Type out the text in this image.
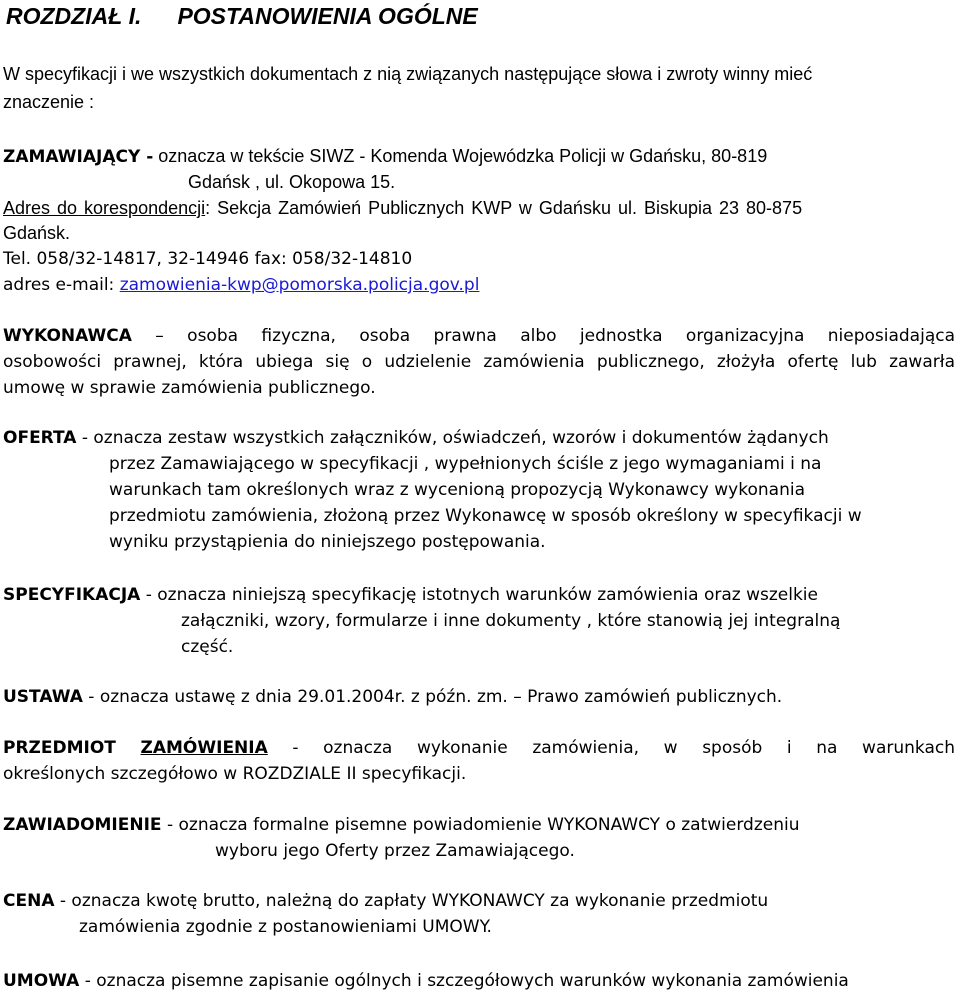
ROZDZIAŁ I. POSTANOWIENIA OGÓLNE
W specyfikacji i we wszystkich dokumentach z nią związanych następujące słowa i zwroty winny mieć
znaczenie :
ZAMAWIAJĄCY - oznacza w tekście SIWZ - Komenda Wojewódzka Policji w Gdańsku, 80-819
Gdańsk , ul. Okopowa 15.
Adres do korespondencji: Sekcja Zamówień Publicznych KWP w Gdańsku ul. Biskupia 23 80-875
Gdańsk.
Tel. 058/32-14817, 32-14946 fax: 058/32-14810
adres e-mail: zamowienia-kwp@pomorska.policja.gov.pl
WYKONAWCA – osoba fizyczna, osoba prawna albo jednostka organizacyjna nieposiadająca
osobowości prawnej, która ubiega się o udzielenie zamówienia publicznego, złożyła ofertę lub zawarła
umowę w sprawie zamówienia publicznego.
OFERTA - oznacza zestaw wszystkich załączników, oświadczeń, wzorów i dokumentów żądanych
przez Zamawiającego w specyfikacji , wypełnionych ściśle z jego wymaganiami i na
warunkach tam określonych wraz z wycenioną propozycją Wykonawcy wykonania
przedmiotu zamówienia, złożoną przez Wykonawcę w sposób określony w specyfikacji w
wyniku przystąpienia do niniejszego postępowania.
SPECYFIKACJA - oznacza niniejszą specyfikację istotnych warunków zamówienia oraz wszelkie
załączniki, wzory, formularze i inne dokumenty , które stanowią jej integralną
część.
USTAWA - oznacza ustawę z dnia 29.01.2004r. z późn. zm. – Prawo zamówień publicznych.
PRZEDMIOT ZAMÓWIENIA - oznacza wykonanie zamówienia, w sposób i na warunkach
określonych szczegółowo w ROZDZIALE II specyfikacji.
ZAWIADOMIENIE - oznacza formalne pisemne powiadomienie WYKONAWCY o zatwierdzeniu
wyboru jego Oferty przez Zamawiającego.
CENA - oznacza kwotę brutto, należną do zapłaty WYKONAWCY za wykonanie przedmiotu
zamówienia zgodnie z postanowieniami UMOWY.
UMOWA - oznacza pisemne zapisanie ogólnych i szczegółowych warunków wykonania zamówienia
